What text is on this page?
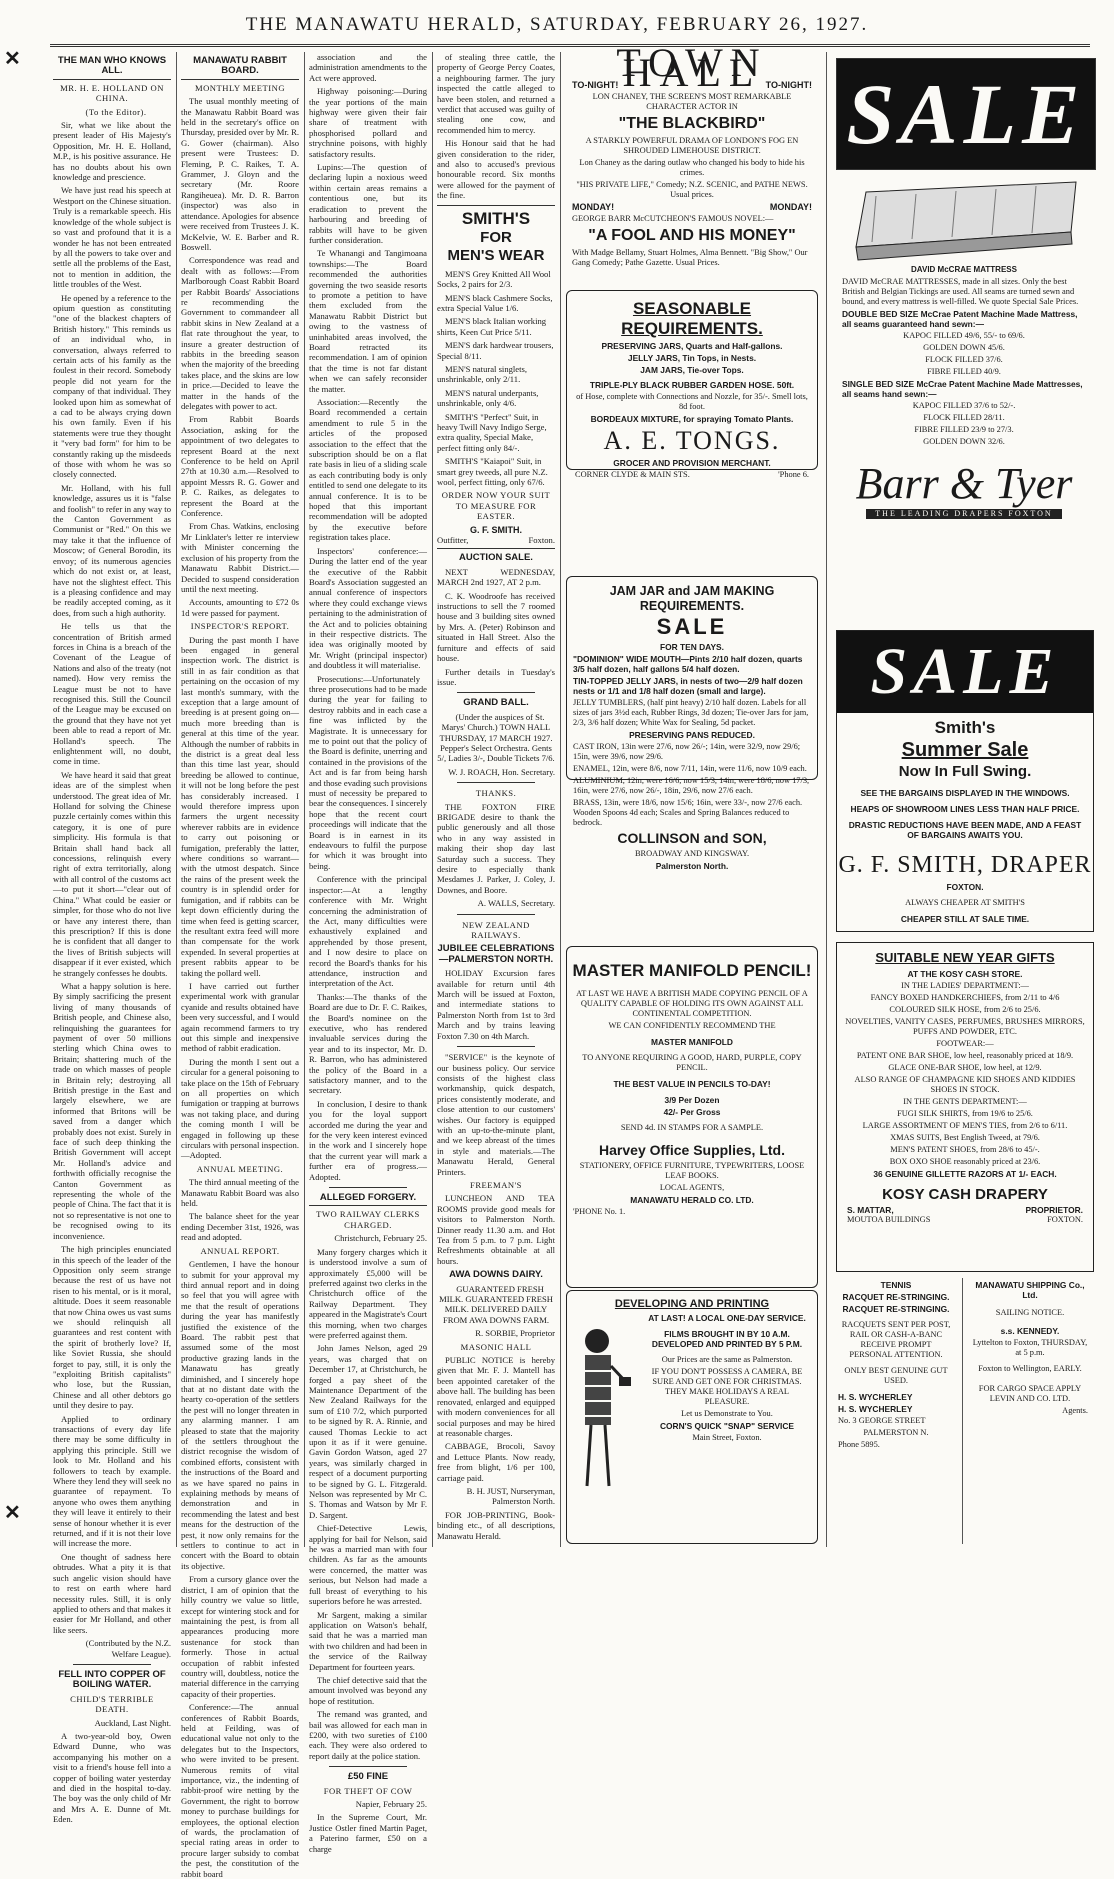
THE MANAWATU HERALD, SATURDAY, FEBRUARY 26, 1927.
✕
✕
THE MAN WHO KNOWS ALL.
MR. H. E. HOLLAND ON CHINA.

(To the Editor).

Sir, what we like about the present leader of His Majesty's Opposition, Mr. H. E. Holland, M.P., is his positive assurance. He has no doubts about his own knowledge and prescience.

We have just read his speech at Westport on the Chinese situation. Truly is a remarkable speech. His knowledge of the whole subject is so vast and profound that it is a wonder he has not been entreated by all the powers to take over and settle all the problems of the East, not to mention in addition, the little troubles of the West.

He opened by a reference to the opium question as constituting "one of the blackest chapters of British history." This reminds us of an individual who, in conversation, always referred to certain acts of his family as the foulest in their record. Somebody people did not yearn for the company of that individual. They looked upon him as somewhat of a cad to be always crying down his own family. Even if his statements were true they thought it "very bad form" for him to be constantly raking up the misdeeds of those with whom he was so closely connected.

Mr. Holland, with his full knowledge, assures us it is "false and foolish" to refer in any way to the Canton Government as Communist or "Red." On this we may take it that the influence of Moscow; of General Borodin, its envoy; of its numerous agencies which do not exist or, at least, have not the slightest effect. This is a pleasing confidence and may be readily accepted coming, as it does, from such a high authority.

He tells us that the concentration of British armed forces in China is a breach of the Covenant of the League of Nations and also of the treaty (not named). How very remiss the League must be not to have recognised this. Still the Council of the League may be excused on the ground that they have not yet been able to read a report of Mr. Holland's speech. The enlightenment will, no doubt, come in time.

We have heard it said that great ideas are of the simplest when understood. The great idea of Mr. Holland for solving the Chinese puzzle certainly comes within this category, it is one of pure simplicity. His formula is that Britain shall hand back all concessions, relinquish every right of extra territorially, along with all control of the customs act—to put it short—"clear out of China." What could be easier or simpler, for those who do not live or have any interest there, than this prescription? If this is done he is confident that all danger to the lives of British subjects will disappear if it ever existed, which he strangely confesses he doubts.

What a happy solution is here. By simply sacrificing the present living of many thousands of British people, and Chinese also, relinquishing the guarantees for payment of over 50 millions sterling which China owes to Britain; shattering much of the trade on which masses of people in Britain rely; destroying all British prestige in the East and largely elsewhere, we are informed that Britons will be saved from a danger which probably does not exist. Surely in face of such deep thinking the British Government will accept Mr. Holland's advice and forthwith officially recognise the Canton Government as representing the whole of the people of China. The fact that it is not so representative is not one to be recognised owing to its inconvenience.

The high principles enunciated in this speech of the leader of the Opposition only seem strange because the rest of us have not risen to his mental, or is it moral, altitude. Does it seem reasonable that now China owes us vast sums we should relinquish all guarantees and rest content with the spirit of brotherly love? If, like Soviet Russia, she should forget to pay, still, it is only the "exploiting British capitalists" who lose, but the Russian, Chinese and all other debtors go until they desire to pay.

Applied to ordinary transactions of every day life there may be some difficulty in applying this principle. Still we look to Mr. Holland and his followers to teach by example. Where they lend they will seek no guarantee of repayment. To anyone who owes them anything they will leave it entirely to their sense of honour whether it is ever returned, and if it is not their love will increase the more.

One thought of sadness here obtrudes. What a pity it is that such angelic vision should have to rest on earth where hard necessity rules. Still, it is only applied to others and that makes it easier for Mr Holland, and other like seers.

(Contributed by the N.Z. Welfare League).

FELL INTO COPPER OF BOILING WATER.
CHILD'S TERRIBLE DEATH.

Auckland, Last Night.

A two-year-old boy, Owen Edward Dunne, who was accompanying his mother on a visit to a friend's house fell into a copper of boiling water yesterday and died in the hospital to-day. The boy was the only child of Mr and Mrs A. E. Dunne of Mt. Eden.

MANAWATU RABBIT BOARD.
MONTHLY MEETING

The usual monthly meeting of the Manawatu Rabbit Board was held in the secretary's office on Thursday, presided over by Mr. R. G. Gower (chairman). Also present were Trustees: D. Fleming, P. C. Raikes, T. A. Grammer, J. Gloyn and the secretary (Mr. Roore Rangiheuea). Mr. D. R. Barron (inspector) was also in attendance. Apologies for absence were received from Trustees J. K. McKelvie, W. E. Barber and R. Boswell.

Correspondence was read and dealt with as follows:—From Marlborough Coast Rabbit Board per Rabbit Boards' Associations re recommending the Government to commandeer all rabbit skins in New Zealand at a flat rate throughout the year, to insure a greater destruction of rabbits in the breeding season when the majority of the breeding takes place, and the skins are low in price.—Decided to leave the matter in the hands of the delegates with power to act.

From Rabbit Boards Association, asking for the appointment of two delegates to represent Board at the next Conference to be held on April 27th at 10.30 a.m.—Resolved to appoint Messrs R. G. Gower and P. C. Raikes, as delegates to represent the Board at the Conference.

From Chas. Watkins, enclosing Mr Linklater's letter re interview with Minister concerning the exclusion of his property from the Manawatu Rabbit District.—Decided to suspend consideration until the next meeting.

Accounts, amounting to £72 0s 1d were passed for payment.

INSPECTOR'S REPORT.

During the past month I have been engaged in general inspection work. The district is still in as fair condition as that pertaining on the occasion of my last month's summary, with the exception that a large amount of breeding is at present going on—much more breeding than is general at this time of the year. Although the number of rabbits in the district is a great deal less than this time last year, should breeding be allowed to continue, it will not be long before the pest has considerably increased. I would therefore impress upon farmers the urgent necessity wherever rabbits are in evidence to carry out poisoning or fumigation, preferably the latter, where conditions so warrant—with the utmost despatch. Since the rains of the present week the country is in splendid order for fumigation, and if rabbits can be kept down efficiently during the time when feed is getting scarcer, the resultant extra feed will more than compensate for the work expended. In several properties at present rabbits appear to be taking the pollard well.

I have carried out further experimental work with granular cyanide and results obtained have been very successful, and I would again recommend farmers to try out this simple and inexpensive method of rabbit eradication.

During the month I sent out a circular for a general poisoning to take place on the 15th of February on all properties on which fumigation or trapping at burrows was not taking place, and during the coming month I will be engaged in following up these circulars with personal inspection.—Adopted.

ANNUAL MEETING.

The third annual meeting of the Manawatu Rabbit Board was also held.

The balance sheet for the year ending December 31st, 1926, was read and adopted.

ANNUAL REPORT.

Gentlemen, I have the honour to submit for your approval my third annual report and in doing so feel that you will agree with me that the result of operations during the year has manifestly justified the existence of the Board. The rabbit pest that assumed some of the most productive grazing lands in the Manawatu has greatly diminished, and I sincerely hope that at no distant date with the hearty co-operation of the settlers the pest will no longer threaten in any alarming manner. I am pleased to state that the majority of the settlers throughout the district recognise the wisdom of combined efforts, consistent with the instructions of the Board and as we have spared no pains in explaining methods by means of demonstration and in recommending the latest and best means for the destruction of the pest, it now only remains for the settlers to continue to act in concert with the Board to obtain its objective.

From a cursory glance over the district, I am of opinion that the hilly country we value so little, except for wintering stock and for maintaining the pest, is from all appearances producing more sustenance for stock than formerly. Those in actual occupation of rabbit infested country will, doubtless, notice the material difference in the carrying capacity of their properties.

Conference:—The annual conferences of Rabbit Boards, held at Feilding, was of educational value not only to the delegates but to the Inspectors, who were invited to be present. Numerous remits of vital importance, viz., the indenting of rabbit-proof wire netting by the Government, the right to borrow money to purchase buildings for employees, the optional election of wards, the proclamation of special rating areas in order to procure larger subsidy to combat the pest, the constitution of the rabbit board

association and the administration amendments to the Act were approved.

Highway poisoning:—During the year portions of the main highway were given their fair share of treatment with phosphorised pollard and strychnine poisons, with highly satisfactory results.

Lupins:—The question of declaring lupin a noxious weed within certain areas remains a contentious one, but its eradication to prevent the harbouring and breeding of rabbits will have to be given further consideration.

Te Whanangi and Tangimoana townships:—The Board recommended the authorities governing the two seaside resorts to promote a petition to have them excluded from the Manawatu Rabbit District but owing to the vastness of uninhabited areas involved, the Board retracted its recommendation. I am of opinion that the time is not far distant when we can safely reconsider the matter.

Association:—Recently the Board recommended a certain amendment to rule 5 in the articles of the proposed association to the effect that the subscription should be on a flat rate basis in lieu of a sliding scale as each contributing body is only entitled to send one delegate to its annual conference. It is to be hoped that this important recommendation will be adopted by the executive before registration takes place.

Inspectors' conference:—During the latter end of the year the executive of the Rabbit Board's Association suggested an annual conference of inspectors where they could exchange views pertaining to the administration of the Act and to policies obtaining in their respective districts. The idea was originally mooted by Mr. Wright (principal inspector) and doubtless it will materialise.

Prosecutions:—Unfortunately three prosecutions had to be made during the year for failing to destroy rabbits and in each case a fine was inflicted by the Magistrate. It is unnecessary for me to point out that the policy of the Board is definite, unerring and contained in the provisions of the Act and is far from being harsh and those evading such provisions must of necessity be prepared to bear the consequences. I sincerely hope that the recent court proceedings will indicate that the Board is in earnest in its endeavours to fulfil the purpose for which it was brought into being.

Conference with the principal inspector:—At a lengthy conference with Mr. Wright concerning the administration of the Act, many difficulties were exhaustively explained and apprehended by those present, and I now desire to place on record the Board's thanks for his attendance, instruction and interpretation of the Act.

Thanks:—The thanks of the Board are due to Dr. F. C. Raikes, the Board's nominee on the executive, who has rendered invaluable services during the year and to its inspector, Mr. D. R. Barron, who has administered the policy of the Board in a satisfactory manner, and to the secretary.

In conclusion, I desire to thank you for the loyal support accorded me during the year and for the very keen interest evinced in the work and I sincerely hope that the current year will mark a further era of progress.—Adopted.

ALLEGED FORGERY.
TWO RAILWAY CLERKS CHARGED.

Christchurch, February 25.

Many forgery charges which it is understood involve a sum of approximately £5,000 will be preferred against two clerks in the Christchurch office of the Railway Department. They appeared in the Magistrate's Court this morning, when two charges were preferred against them.

John James Nelson, aged 29 years, was charged that on December 17, at Christchurch, he forged a pay sheet of the Maintenance Department of the New Zealand Railways for the sum of £10 7/2, which purported to be signed by R. A. Rinnie, and caused Thomas Leckie to act upon it as if it were genuine. Gavin Gordon Watson, aged 27 years, was similarly charged in respect of a document purporting to be signed by G. L. Fitzgerald. Nelson was represented by Mr C. S. Thomas and Watson by Mr F. D. Sargent.

Chief-Detective Lewis, applying for bail for Nelson, said he was a married man with four children. As far as the amounts were concerned, the matter was serious, but Nelson had made a full breast of everything to his superiors before he was arrested.

Mr Sargent, making a similar application on Watson's behalf, said that he was a married man with two children and had been in the service of the Railway Department for fourteen years.

The chief detective said that the amount involved was beyond any hope of restitution.

The remand was granted, and bail was allowed for each man in £200, with two sureties of £100 each. They were also ordered to report daily at the police station.

£50 FINE
FOR THEFT OF COW

Napier, February 25.

In the Supreme Court, Mr. Justice Ostler fined Martin Paget, a Paterino farmer, £50 on a charge

of stealing three cattle, the property of George Percy Coates, a neighbouring farmer. The jury inspected the cattle alleged to have been stolen, and returned a verdict that accused was guilty of stealing one cow, and recommended him to mercy.

His Honour said that he had given consideration to the rider, and also to accused's previous honourable record. Six months were allowed for the payment of the fine.

SMITH'S
FOR
MEN'S WEAR

MEN'S Grey Knitted All Wool Socks, 2 pairs for 2/3.

MEN'S black Cashmere Socks, extra Special Value 1/6.

MEN'S black Italian working shirts, Keen Cut Price 5/11.

MEN'S dark hardwear trousers, Special 8/11.

MEN'S natural singlets, unshrinkable, only 2/11.

MEN'S natural underpants, unshrinkable, only 4/6.

SMITH'S "Perfect" Suit, in heavy Twill Navy Indigo Serge, extra quality, Special Make, perfect fitting only 84/-.

SMITH'S "Kaiapoi" Suit, in smart grey tweeds, all pure N.Z. wool, perfect fitting, only 67/6.

ORDER NOW YOUR SUIT TO MEASURE FOR EASTER.
G. F. SMITH.
Outfitter,	Foxton.
AUCTION SALE.

NEXT WEDNESDAY, MARCH 2nd 1927, AT 2 p.m.

C. K. Woodroofe has received instructions to sell the 7 roomed house and 3 building sites owned by Mrs. A. (Peter) Robinson and situated in Hall Street. Also the furniture and effects of said house.

Further details in Tuesday's issue.

GRAND BALL.

(Under the auspices of St. Marys' Church.) TOWN HALL THURSDAY, 17 MARCH 1927. Pepper's Select Orchestra. Gents 5/, Ladies 3/-, Double Tickets 7/6.

W. J. ROACH, Hon. Secretary.

THANKS.

THE FOXTON FIRE BRIGADE desire to thank the public generously and all those who in any way assisted in making their shop day last Saturday such a success. They desire to especially thank Mesdames J. Parker, J. Coley, J. Downes, and Boore.

A. WALLS, Secretary.

NEW ZEALAND RAILWAYS.
JUBILEE CELEBRATIONS—PALMERSTON NORTH.

HOLIDAY Excursion fares available for return until 4th March will be issued at Foxton, and intermediate stations to Palmerston North from 1st to 3rd March and by trains leaving Foxton 7.30 on 4th March.

"SERVICE" is the keynote of our business policy. Our service consists of the highest class workmanship, quick despatch, prices consistently moderate, and close attention to our customers' wishes. Our factory is equipped with an up-to-the-minute plant, and we keep abreast of the times in style and materials.—The Manawatu Herald, General Printers.

FREEMAN'S

LUNCHEON AND TEA ROOMS provide good meals for visitors to Palmerston North. Dinner ready 11.30 a.m. and Hot Tea from 5 p.m. to 7 p.m. Light Refreshments obtainable at all hours.

AWA DOWNS DAIRY.

GUARANTEED FRESH MILK. GUARANTEED FRESH MILK. DELIVERED DAILY FROM AWA DOWNS FARM.

R. SORBIE, Proprietor

MASONIC HALL

PUBLIC NOTICE is hereby given that Mr. F. J. Mantell has been appointed caretaker of the above hall. The building has been renovated, enlarged and equipped with modern conveniences for all social purposes and may be hired at reasonable charges.

CABBAGE, Brocoli, Savoy and Lettuce Plants. Now ready, free from blight, 1/6 per 100, carriage paid.

B. H. JUST, Nurseryman, Palmerston North.

FOR JOB-PRINTING, Book-binding etc., of all descriptions, Manawatu Herald.

TOWN HALL
TO-NIGHT!	TO-NIGHT!

LON CHANEY, THE SCREEN'S MOST REMARKABLE CHARACTER ACTOR IN

"THE BLACKBIRD"

A STARKLY POWERFUL DRAMA OF LONDON'S FOG EN SHROUDED LIMEHOUSE DISTRICT.

Lon Chaney as the daring outlaw who changed his body to hide his crimes.

"HIS PRIVATE LIFE," Comedy; N.Z. SCENIC, and PATHE NEWS. Usual prices.

MONDAY!	MONDAY!

GEORGE BARR McCUTCHEON'S FAMOUS NOVEL:—

"A FOOL AND HIS MONEY"

With Madge Bellamy, Stuart Holmes, Alma Bennett. "Big Show," Our Gang Comedy; Pathe Gazette. Usual Prices.

SEASONABLE REQUIREMENTS.

PRESERVING JARS, Quarts and Half-gallons.

JELLY JARS, Tin Tops, in Nests.

JAM JARS, Tie-over Tops.

TRIPLE-PLY BLACK RUBBER GARDEN HOSE. 50ft.

of Hose, complete with Connections and Nozzle, for 35/-. Smell lots, 8d foot.

BORDEAUX MIXTURE, for spraying Tomato Plants.

A. E. TONGS.

GROCER AND PROVISION MERCHANT.

CORNER CLYDE & MAIN STS.	'Phone 6.
JAM JAR and JAM MAKING REQUIREMENTS.
SALE

FOR TEN DAYS.

"DOMINION" WIDE MOUTH—Pints 2/10 half dozen, quarts 3/5 half dozen, half gallons 5/4 half dozen.

TIN-TOPPED JELLY JARS, in nests of two—2/9 half dozen nests or 1/1 and 1/8 half dozen (small and large).

JELLY TUMBLERS, (half pint heavy) 2/10 half dozen. Labels for all sizes of jars 3½d each, Rubber Rings, 3d dozen; Tie-over Jars for jam, 2/3, 3/6 half dozen; White Wax for Sealing, 5d packet.

PRESERVING PANS REDUCED.

CAST IRON, 13in were 27/6, now 26/-; 14in, were 32/9, now 29/6; 15in, were 39/6, now 29/6.

ENAMEL, 12in, were 8/6, now 7/11, 14in, were 11/6, now 10/9 each.

ALUMINIUM, 12in, were 16/6, now 15/3, 14in, were 18/6, now 17/3, 16in, were 27/6, now 26/-, 18in, 29/6, now 27/6 each.

BRASS, 13in, were 18/6, now 15/6; 16in, were 33/-, now 27/6 each. Wooden Spoons 4d each; Scales and Spring Balances reduced to bedrock.

COLLINSON and SON,

BROADWAY AND KINGSWAY.

Palmerston North.

MASTER MANIFOLD PENCIL!

AT LAST WE HAVE A BRITISH MADE COPYING PENCIL OF A QUALITY CAPABLE OF HOLDING ITS OWN AGAINST ALL CONTINENTAL COMPETITION.

WE CAN CONFIDENTLY RECOMMEND THE

MASTER MANIFOLD

TO ANYONE REQUIRING A GOOD, HARD, PURPLE, COPY PENCIL.

THE BEST VALUE IN PENCILS TO-DAY!

3/9 Per Dozen

42/- Per Gross

SEND 4d. IN STAMPS FOR A SAMPLE.

Harvey Office Supplies, Ltd.

STATIONERY, OFFICE FURNITURE, TYPEWRITERS, LOOSE LEAF BOOKS.

LOCAL AGENTS,

MANAWATU HERALD CO. LTD.

'PHONE No. 1.

DEVELOPING AND PRINTING

AT LAST! A LOCAL ONE-DAY SERVICE.

FILMS BROUGHT IN BY 10 A.M. DEVELOPED AND PRINTED BY 5 P.M.

Our Prices are the same as Palmerston.

IF YOU DON'T POSSESS A CAMERA, BE SURE AND GET ONE FOR CHRISTMAS. THEY MAKE HOLIDAYS A REAL PLEASURE.

Let us Demonstrate to You.

CORN'S QUICK "SNAP" SERVICE

Main Street, Foxton.

SALE
DAVID McCRAE MATTRESS

DAVID McCRAE MATTRESSES, made in all sizes. Only the best British and Belgian Tickings are used. All seams are turned sewn and bound, and every mattress is well-filled. We quote Special Sale Prices.

DOUBLE BED SIZE McCrae Patent Machine Made Mattress, all seams guaranteed hand sewn:—

KAPOC FILLED 49/6, 55/- to 69/6.

GOLDEN DOWN 45/6.

FLOCK FILLED 37/6.

FIBRE FILLED 40/9.

SINGLE BED SIZE McCrae Patent Machine Made Mattresses, all seams hand sewn:—

KAPOC FILLED 37/6 to 52/-.

FLOCK FILLED 28/11.

FIBRE FILLED 23/9 to 27/3.

GOLDEN DOWN 32/6.

Barr & Tyer
THE LEADING DRAPERS FOXTON
SALE
Smith's
Summer Sale
Now In Full Swing.

SEE THE BARGAINS DISPLAYED IN THE WINDOWS.

HEAPS OF SHOWROOM LINES LESS THAN HALF PRICE.

DRASTIC REDUCTIONS HAVE BEEN MADE, AND A FEAST OF BARGAINS AWAITS YOU.

G. F. SMITH, DRAPER

FOXTON.

ALWAYS CHEAPER AT SMITH'S

CHEAPER STILL AT SALE TIME.

SUITABLE NEW YEAR GIFTS

AT THE KOSY CASH STORE.

IN THE LADIES' DEPARTMENT:—

FANCY BOXED HANDKERCHIEFS, from 2/11 to 4/6

COLOURED SILK HOSE, from 2/6 to 25/6.

NOVELTIES, VANITY CASES, PERFUMES, BRUSHES MIRRORS, PUFFS AND POWDER, ETC.

FOOTWEAR:—

PATENT ONE BAR SHOE, low heel, reasonably priced at 18/9.

GLACE ONE-BAR SHOE, low heel, at 12/9.

ALSO RANGE OF CHAMPAGNE KID SHOES AND KIDDIES SHOES IN STOCK.

IN THE GENTS DEPARTMENT:—

FUGI SILK SHIRTS, from 19/6 to 25/6.

LARGE ASSORTMENT OF MEN'S TIES, from 2/6 to 6/11.

XMAS SUITS, Best English Tweed, at 79/6.

MEN'S PATENT SHOES, from 28/6 to 45/-.

BOX OXO SHOE reasonably priced at 23/6.

36 GENUINE GILLETTE RAZORS AT 1/- EACH.

KOSY CASH DRAPERY
S. MATTAR,	PROPRIETOR.
MOUTOA BUILDINGS	FOXTON.

TENNIS

RACQUET RE-STRINGING.

RACQUET RE-STRINGING.

RACQUETS SENT PER POST, RAIL OR CASH-A-BANC RECEIVE PROMPT PERSONAL ATTENTION.

ONLY BEST GENUINE GUT USED.

H. S. WYCHERLEY

H. S. WYCHERLEY

No. 3 GEORGE STREET

PALMERSTON N.

Phone 5895.

MANAWATU SHIPPING Co., Ltd.

SAILING NOTICE.

s.s. KENNEDY.

Lyttelton to Foxton, THURSDAY, at 5 p.m.

Foxton to Wellington, EARLY.

FOR CARGO SPACE APPLY LEVIN AND CO. LTD.

Agents.
